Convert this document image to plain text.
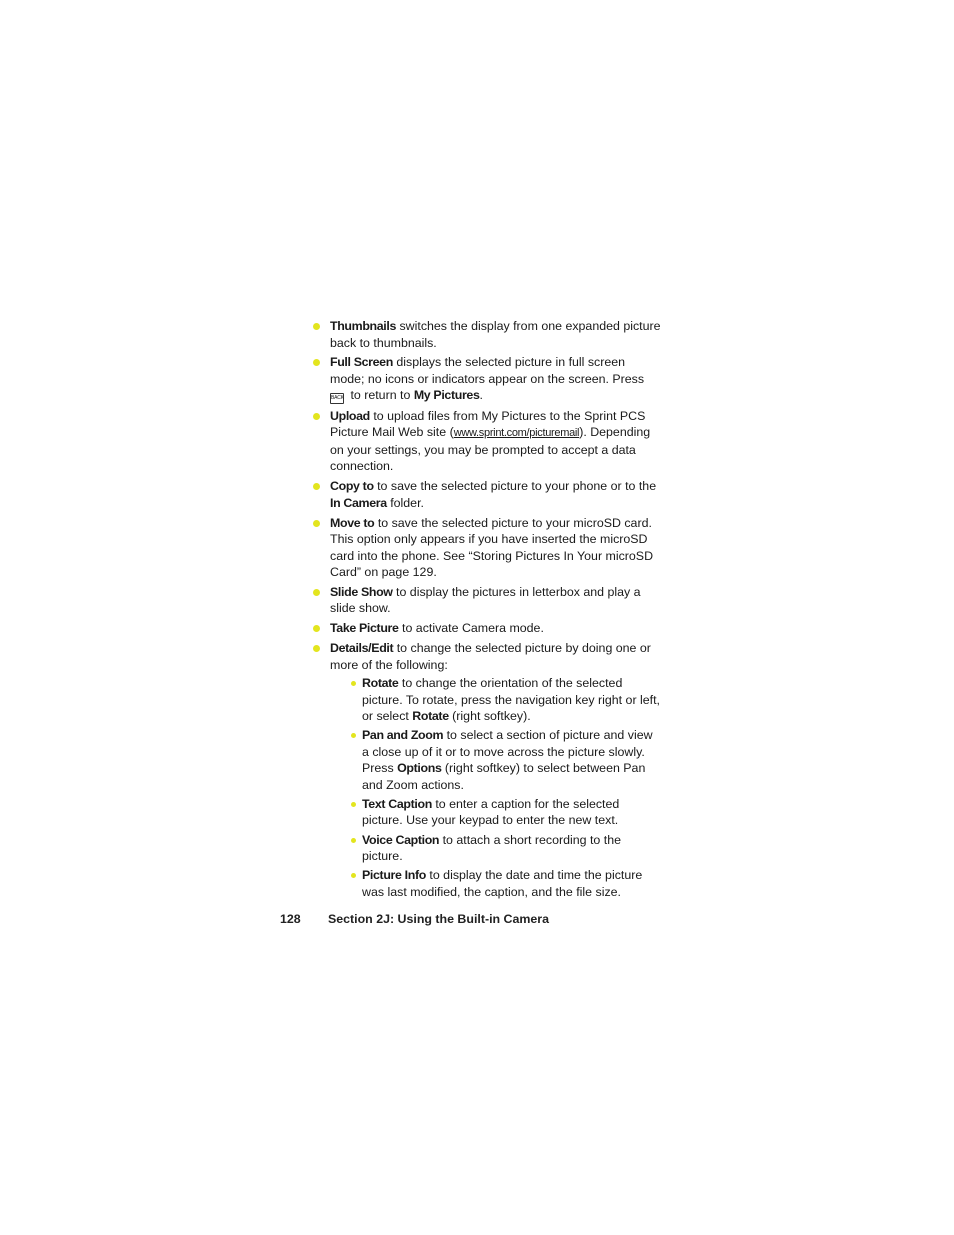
Thumbnails switches the display from one expanded picture back to thumbnails.
Full Screen displays the selected picture in full screen mode; no icons or indicators appear on the screen. Press
BACK to return to My Pictures.
Upload to upload files from My Pictures to the Sprint PCS Picture Mail Web site (www.sprint.com/picturemail). Depending on your settings, you may be prompted to accept a data connection.
Copy to to save the selected picture to your phone or to the In Camera folder.
Move to to save the selected picture to your microSD card. This option only appears if you have inserted the microSD card into the phone. See “Storing Pictures In Your microSD Card” on page 129.
Slide Show to display the pictures in letterbox and play a slide show.
Take Picture to activate Camera mode.
Details/Edit to change the selected picture by doing one or more of the following:
Rotate to change the orientation of the selected picture. To rotate, press the navigation key right or left, or select Rotate (right softkey).
Pan and Zoom to select a section of picture and view a close up of it or to move across the picture slowly. Press Options (right softkey) to select between Pan and Zoom actions.
Text Caption to enter a caption for the selected picture. Use your keypad to enter the new text.
Voice Caption to attach a short recording to the picture.
Picture Info to display the date and time the picture was last modified, the caption, and the file size.
128 Section 2J: Using the Built-in Camera
